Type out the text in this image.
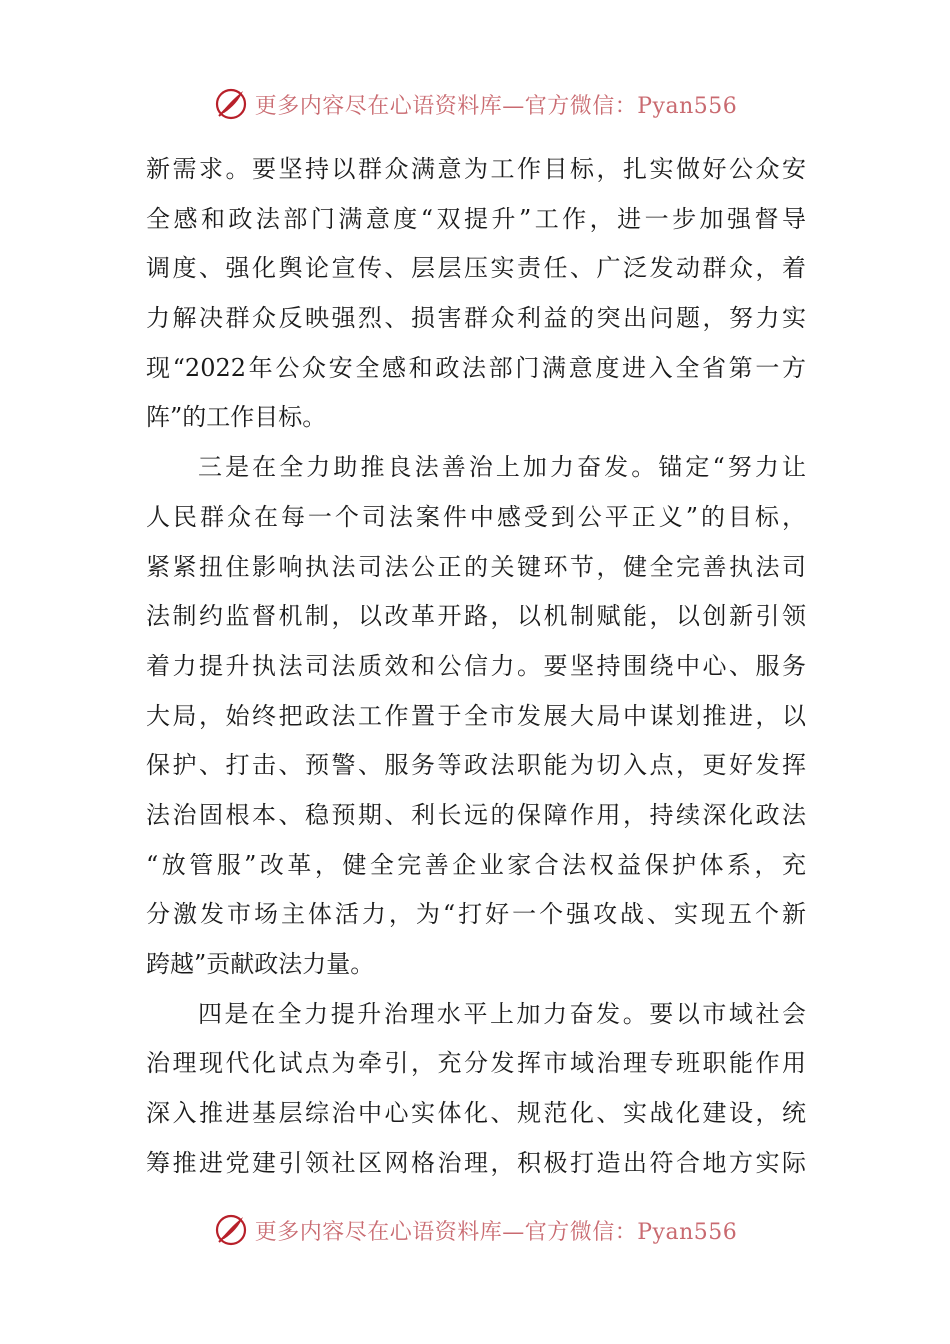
更多内容尽在心语资料库—官方微信：Pyan556
新需求。要坚持以群众满意为工作目标，扎实做好公众安
全感和政法部门满意度“双提升”工作，进一步加强督导
调度、强化舆论宣传、层层压实责任、广泛发动群众，着
力解决群众反映强烈、损害群众利益的突出问题，努力实
现“2022年公众安全感和政法部门满意度进入全省第一方
阵”的工作目标。
三是在全力助推良法善治上加力奋发。锚定“努力让
人民群众在每一个司法案件中感受到公平正义”的目标，
紧紧扭住影响执法司法公正的关键环节，健全完善执法司
法制约监督机制，以改革开路，以机制赋能，以创新引领
着力提升执法司法质效和公信力。要坚持围绕中心、服务
大局，始终把政法工作置于全市发展大局中谋划推进，以
保护、打击、预警、服务等政法职能为切入点，更好发挥
法治固根本、稳预期、利长远的保障作用，持续深化政法
“放管服”改革，健全完善企业家合法权益保护体系，充
分激发市场主体活力，为“打好一个强攻战、实现五个新
跨越”贡献政法力量。
四是在全力提升治理水平上加力奋发。要以市域社会
治理现代化试点为牵引，充分发挥市域治理专班职能作用
深入推进基层综治中心实体化、规范化、实战化建设，统
筹推进党建引领社区网格治理，积极打造出符合地方实际
更多内容尽在心语资料库—官方微信：Pyan556
